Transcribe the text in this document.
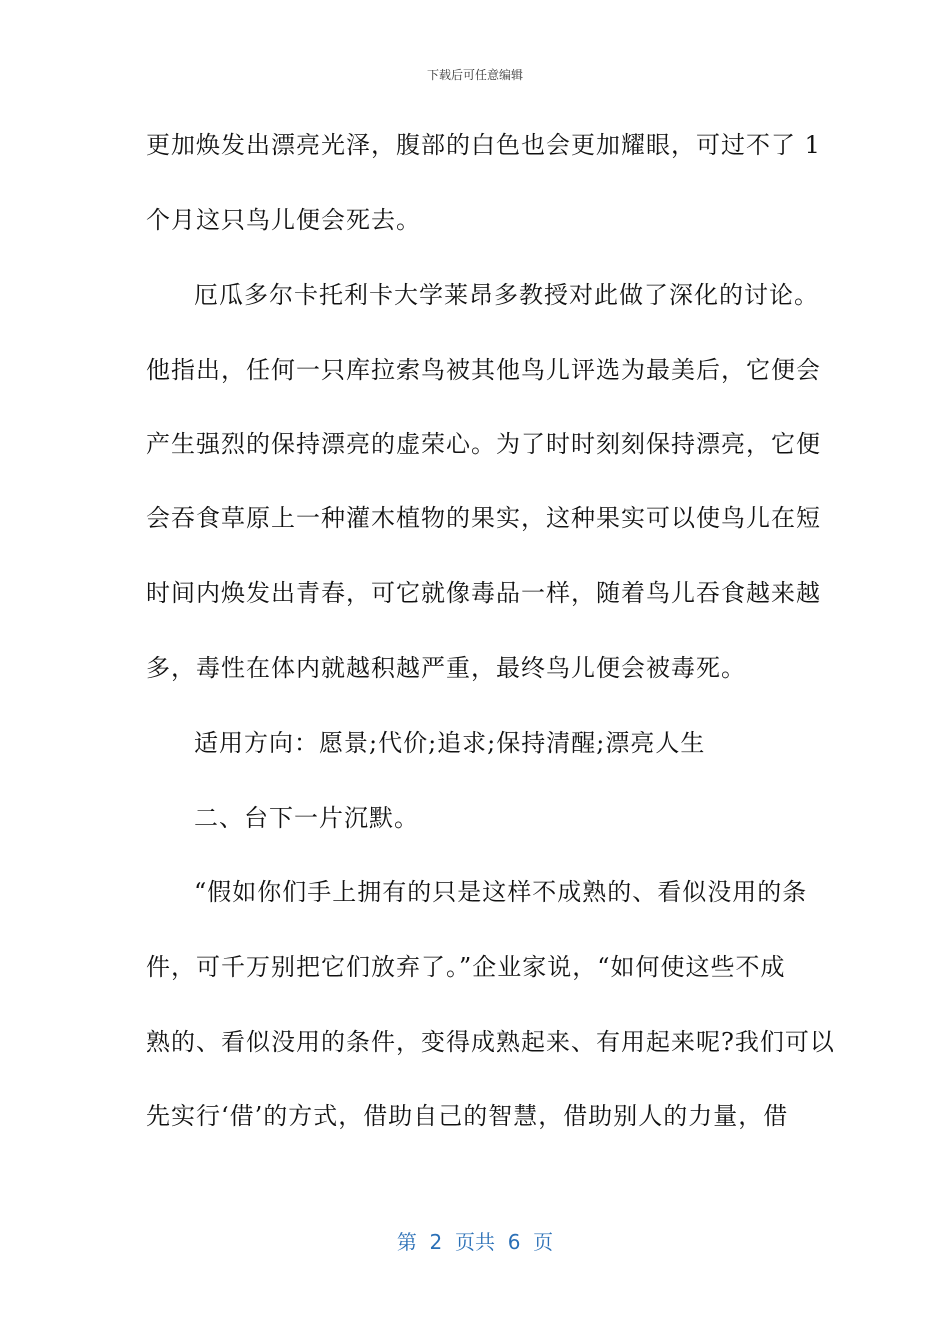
下载后可任意编辑
更加焕发出漂亮光泽，腹部的白色也会更加耀眼，可过不了 1
个月这只鸟儿便会死去。
厄瓜多尔卡托利卡大学莱昂多教授对此做了深化的讨论。
他指出，任何一只库拉索鸟被其他鸟儿评选为最美后，它便会
产生强烈的保持漂亮的虚荣心。为了时时刻刻保持漂亮，它便
会吞食草原上一种灌木植物的果实，这种果实可以使鸟儿在短
时间内焕发出青春，可它就像毒品一样，随着鸟儿吞食越来越
多，毒性在体内就越积越严重，最终鸟儿便会被毒死。
适用方向：愿景;代价;追求;保持清醒;漂亮人生
二、台下一片沉默。
“假如你们手上拥有的只是这样不成熟的、看似没用的条
件，可千万别把它们放弃了。”企业家说，“如何使这些不成
熟的、看似没用的条件，变得成熟起来、有用起来呢?我们可以
先实行‘借’的方式，借助自己的智慧，借助别人的力量，借
第  2  页共  6  页
